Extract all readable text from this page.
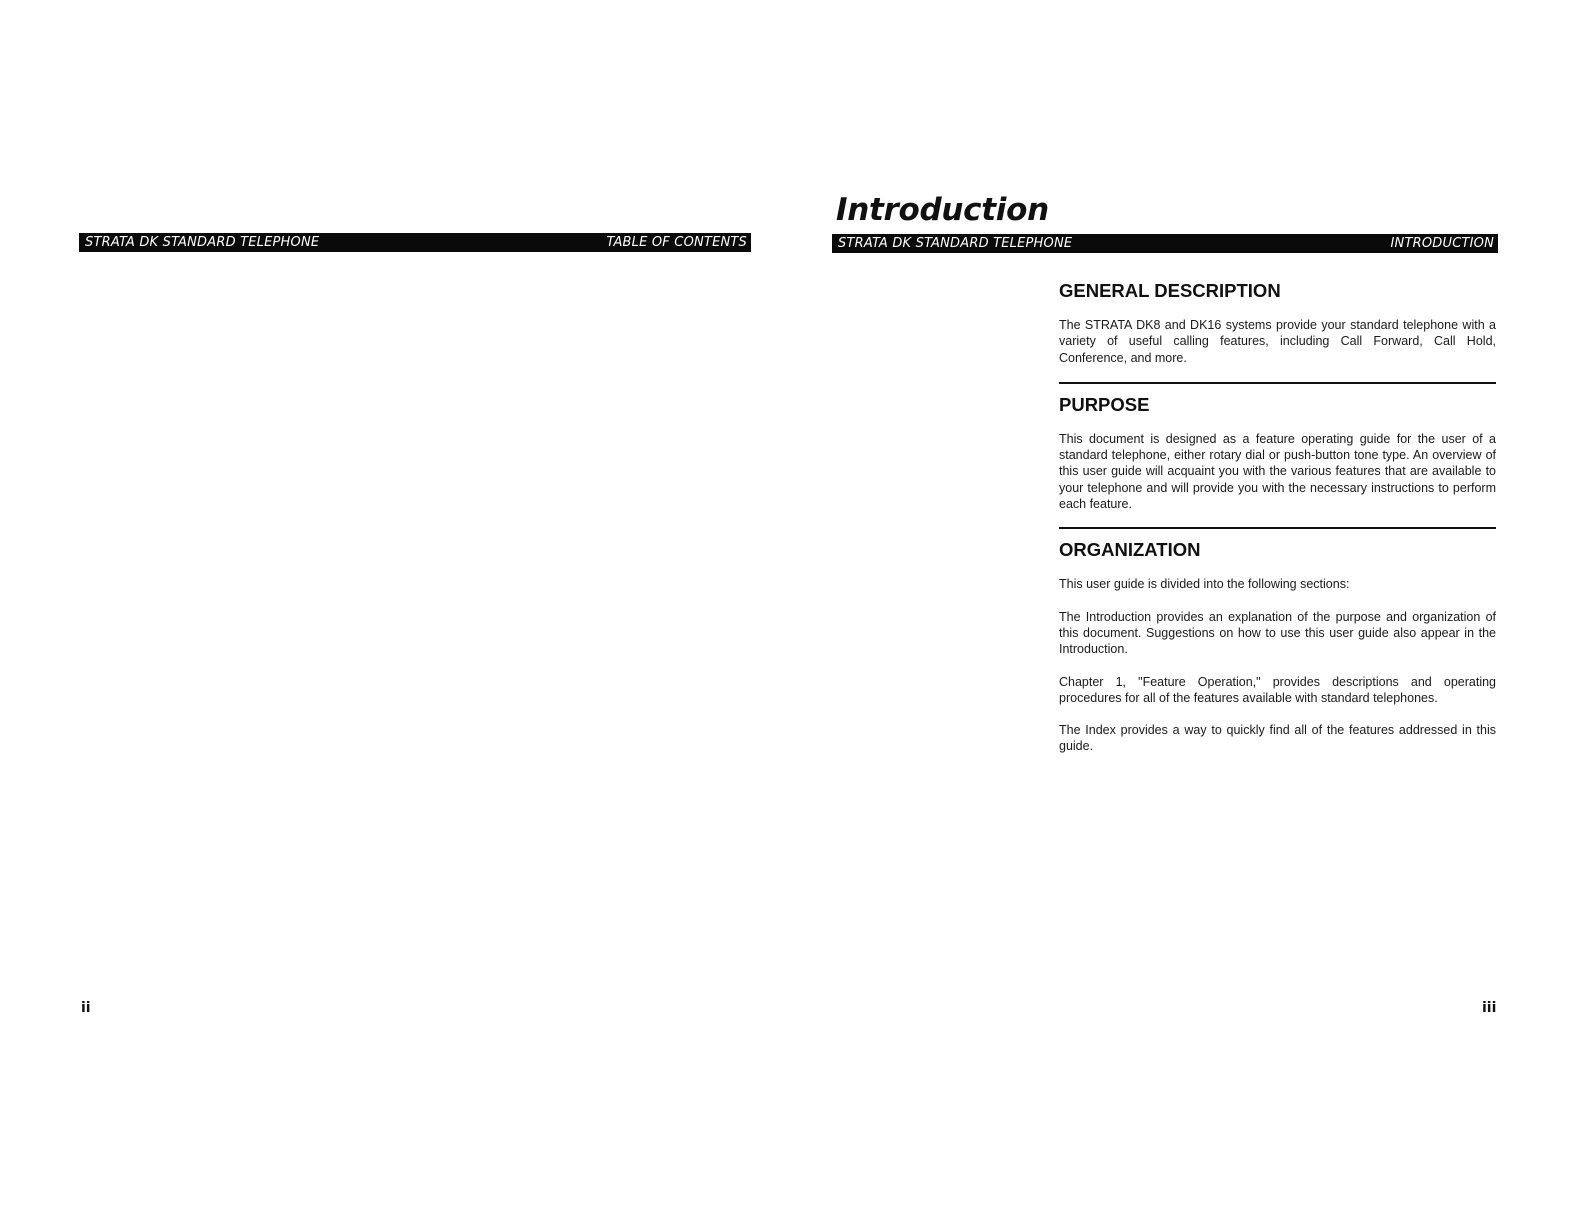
STRATA DK STANDARD TELEPHONE	TABLE OF CONTENTS
ii
Introduction
STRATA DK STANDARD TELEPHONE	INTRODUCTION
GENERAL DESCRIPTION

The STRATA DK8 and DK16 systems provide your standard telephone with a variety of useful calling features, including Call Forward, Call Hold, Conference, and more.

PURPOSE

This document is designed as a feature operating guide for the user of a standard telephone, either rotary dial or push-button tone type. An overview of this user guide will acquaint you with the various features that are available to your telephone and will provide you with the necessary instructions to perform each feature.

ORGANIZATION

This user guide is divided into the following sections:

The Introduction provides an explanation of the purpose and organization of this document. Suggestions on how to use this user guide also appear in the Introduction.

Chapter 1, "Feature Operation," provides descriptions and operating procedures for all of the features available with standard telephones.

The Index provides a way to quickly find all of the features addressed in this guide.

iii
